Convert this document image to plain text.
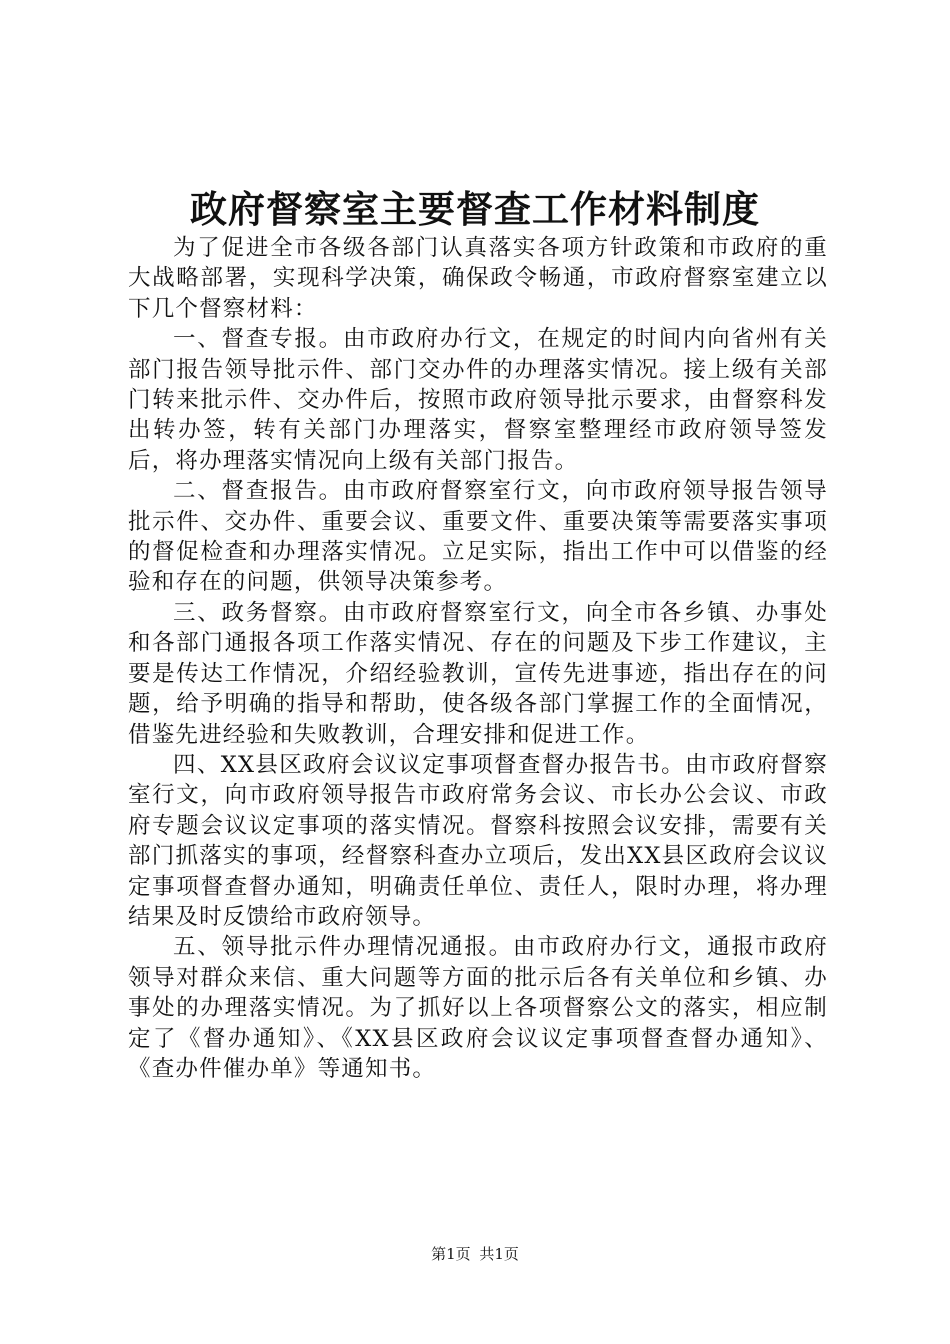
政府督察室主要督查工作材料制度

为了促进全市各级各部门认真落实各项方针政策和市政府的重大战略部署，实现科学决策，确保政令畅通，市政府督察室建立以下几个督察材料：

一、督查专报。由市政府办行文，在规定的时间内向省州有关部门报告领导批示件、部门交办件的办理落实情况。接上级有关部门转来批示件、交办件后，按照市政府领导批示要求，由督察科发出转办签，转有关部门办理落实，督察室整理经市政府领导签发后，将办理落实情况向上级有关部门报告。

二、督查报告。由市政府督察室行文，向市政府领导报告领导批示件、交办件、重要会议、重要文件、重要决策等需要落实事项的督促检查和办理落实情况。立足实际，指出工作中可以借鉴的经验和存在的问题，供领导决策参考。

三、政务督察。由市政府督察室行文，向全市各乡镇、办事处和各部门通报各项工作落实情况、存在的问题及下步工作建议，主要是传达工作情况，介绍经验教训，宣传先进事迹，指出存在的问题，给予明确的指导和帮助，使各级各部门掌握工作的全面情况，借鉴先进经验和失败教训，合理安排和促进工作。

四、XX县区政府会议议定事项督查督办报告书。由市政府督察室行文，向市政府领导报告市政府常务会议、市长办公会议、市政府专题会议议定事项的落实情况。督察科按照会议安排，需要有关部门抓落实的事项，经督察科查办立项后，发出XX县区政府会议议定事项督查督办通知，明确责任单位、责任人，限时办理，将办理结果及时反馈给市政府领导。

五、领导批示件办理情况通报。由市政府办行文，通报市政府领导对群众来信、重大问题等方面的批示后各有关单位和乡镇、办事处的办理落实情况。为了抓好以上各项督察公文的落实，相应制定了《督办通知》、《XX县区政府会议议定事项督查督办通知》、《查办件催办单》等通知书。

第1页 共1页
